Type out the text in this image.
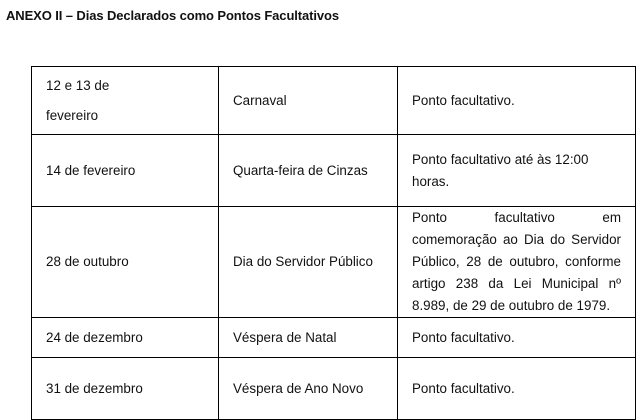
ANEXO II – Dias Declarados como Pontos Facultativos
12 e 13 de fevereiro	Carnaval	Ponto facultativo.

14 de fevereiro	Quarta-feira de Cinzas	Ponto facultativo até às 12:00 horas.

28 de outubro	Dia do Servidor Público	Ponto facultativo em comemoração ao Dia do Servidor Público, 28 de outubro, conforme artigo 238 da Lei Municipal nº 8.989, de 29 de outubro de 1979.

24 de dezembro	Véspera de Natal	Ponto facultativo.

31 de dezembro	Véspera de Ano Novo	Ponto facultativo.
